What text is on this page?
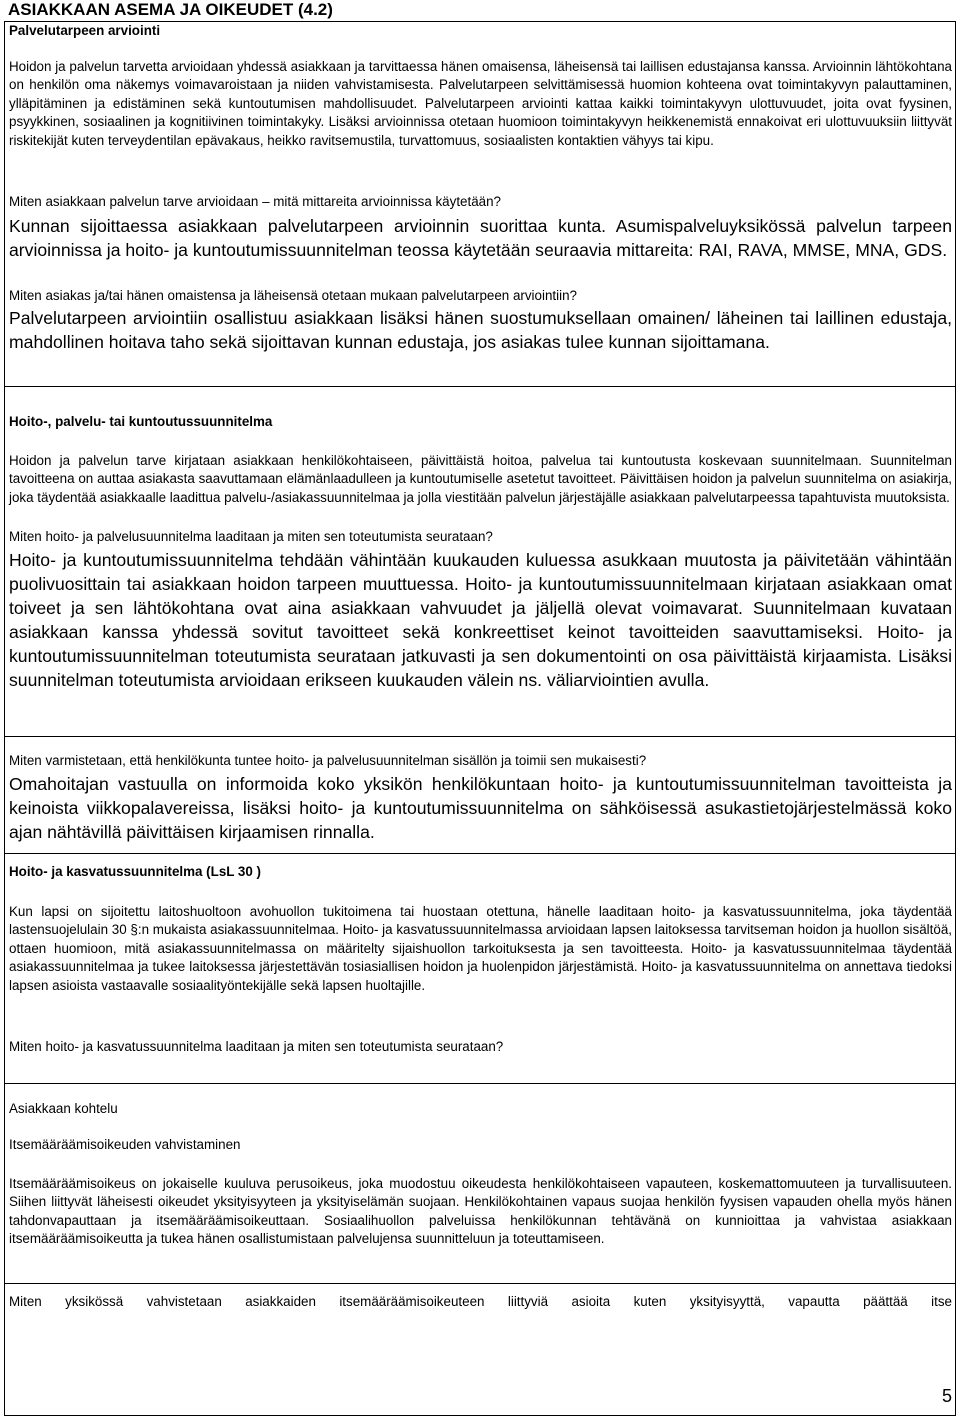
ASIAKKAAN ASEMA JA OIKEUDET (4.2)

Palvelutarpeen arviointi

Hoidon ja palvelun tarvetta arvioidaan yhdessä asiakkaan ja tarvittaessa hänen omaisensa, läheisensä tai laillisen edustajansa kanssa. Arvioinnin lähtökohtana on henkilön oma näkemys voimavaroistaan ja niiden vahvistamisesta. Palvelutarpeen selvittämisessä huomion kohteena ovat toimintakyvyn palauttaminen, ylläpitäminen ja edistäminen sekä kuntoutumisen mahdollisuudet. Palvelutarpeen arviointi kattaa kaikki toimintakyvyn ulottuvuudet, joita ovat fyysinen, psyykkinen, sosiaalinen ja kognitiivinen toimintakyky. Lisäksi arvioinnissa otetaan huomioon toimintakyvyn heikkenemistä ennakoivat eri ulottuvuuksiin liittyvät riskitekijät kuten terveydentilan epävakaus, heikko ravitsemustila, turvattomuus, sosiaalisten kontaktien vähyys tai kipu.

Miten asiakkaan palvelun tarve arvioidaan – mitä mittareita arvioinnissa käytetään?

Kunnan sijoittaessa asiakkaan palvelutarpeen arvioinnin suorittaa kunta. Asumispalveluyksikössä palvelun tarpeen arvioinnissa ja hoito- ja kuntoutumissuunnitelman teossa käytetään seuraavia mittareita: RAI, RAVA, MMSE, MNA, GDS.

Miten asiakas ja/tai hänen omaistensa ja läheisensä otetaan mukaan palvelutarpeen arviointiin?

Palvelutarpeen arviointiin osallistuu asiakkaan lisäksi hänen suostumuksellaan omainen/ läheinen tai laillinen edustaja, mahdollinen hoitava taho sekä sijoittavan kunnan edustaja, jos asiakas tulee kunnan sijoittamana.

Hoito-, palvelu- tai kuntoutussuunnitelma

Hoidon ja palvelun tarve kirjataan asiakkaan henkilökohtaiseen, päivittäistä hoitoa, palvelua tai kuntoutusta koskevaan suunnitelmaan. Suunnitelman tavoitteena on auttaa asiakasta saavuttamaan elämänlaadulleen ja kuntoutumiselle asetetut tavoitteet. Päivittäisen hoidon ja palvelun suunnitelma on asiakirja, joka täydentää asiakkaalle laadittua palvelu-/asiakassuunnitelmaa ja jolla viestitään palvelun järjestäjälle asiakkaan palvelutarpeessa tapahtuvista muutoksista.

Miten hoito- ja palvelusuunnitelma laaditaan ja miten sen toteutumista seurataan?

Hoito- ja kuntoutumissuunnitelma tehdään vähintään kuukauden kuluessa asukkaan muutosta ja päivitetään vähintään puolivuosittain tai asiakkaan hoidon tarpeen muuttuessa. Hoito- ja kuntoutumissuunnitelmaan kirjataan asiakkaan omat toiveet ja sen lähtökohtana ovat aina asiakkaan vahvuudet ja jäljellä olevat voimavarat. Suunnitelmaan kuvataan asiakkaan kanssa yhdessä sovitut tavoitteet sekä konkreettiset keinot tavoitteiden saavuttamiseksi. Hoito- ja kuntoutumissuunnitelman toteutumista seurataan jatkuvasti ja sen dokumentointi on osa päivittäistä kirjaamista. Lisäksi suunnitelman toteutumista arvioidaan erikseen kuukauden välein ns. väliarviointien avulla.

Miten varmistetaan, että henkilökunta tuntee hoito- ja palvelusuunnitelman sisällön ja toimii sen mukaisesti?

Omahoitajan vastuulla on informoida koko yksikön henkilökuntaan hoito- ja kuntoutumissuunnitelman tavoitteista ja keinoista viikkopalavereissa, lisäksi hoito- ja kuntoutumissuunnitelma on sähköisessä asukastietojärjestelmässä koko ajan nähtävillä päivittäisen kirjaamisen rinnalla.

Hoito- ja kasvatussuunnitelma (LsL 30 )

Kun lapsi on sijoitettu laitoshuoltoon avohuollon tukitoimena tai huostaan otettuna, hänelle laaditaan hoito- ja kasvatussuunnitelma, joka täydentää lastensuojelulain 30 §:n mukaista asiakassuunnitelmaa. Hoito- ja kasvatussuunnitelmassa arvioidaan lapsen laitoksessa tarvitseman hoidon ja huollon sisältöä, ottaen huomioon, mitä asiakassuunnitelmassa on määritelty sijaishuollon tarkoituksesta ja sen tavoitteesta. Hoito- ja kasvatussuunnitelmaa täydentää asiakassuunnitelmaa ja tukee laitoksessa järjestettävän tosiasiallisen hoidon ja huolenpidon järjestämistä. Hoito- ja kasvatussuunnitelma on annettava tiedoksi lapsen asioista vastaavalle sosiaalityöntekijälle sekä lapsen huoltajille.

Miten hoito- ja kasvatussuunnitelma laaditaan ja miten sen toteutumista seurataan?

Asiakkaan kohtelu

Itsemääräämisoikeuden vahvistaminen

Itsemääräämisoikeus on jokaiselle kuuluva perusoikeus, joka muodostuu oikeudesta henkilökohtaiseen vapauteen, koskemattomuuteen ja turvallisuuteen. Siihen liittyvät läheisesti oikeudet yksityisyyteen ja yksityiselämän suojaan. Henkilökohtainen vapaus suojaa henkilön fyysisen vapauden ohella myös hänen tahdonvapauttaan ja itsemääräämisoikeuttaan. Sosiaalihuollon palveluissa henkilökunnan tehtävänä on kunnioittaa ja vahvistaa asiakkaan itsemääräämisoikeutta ja tukea hänen osallistumistaan palvelujensa suunnitteluun ja toteuttamiseen.

Miten yksikössä vahvistetaan asiakkaiden itsemääräämisoikeuteen liittyviä asioita kuten yksityisyyttä, vapautta päättää itse

5
